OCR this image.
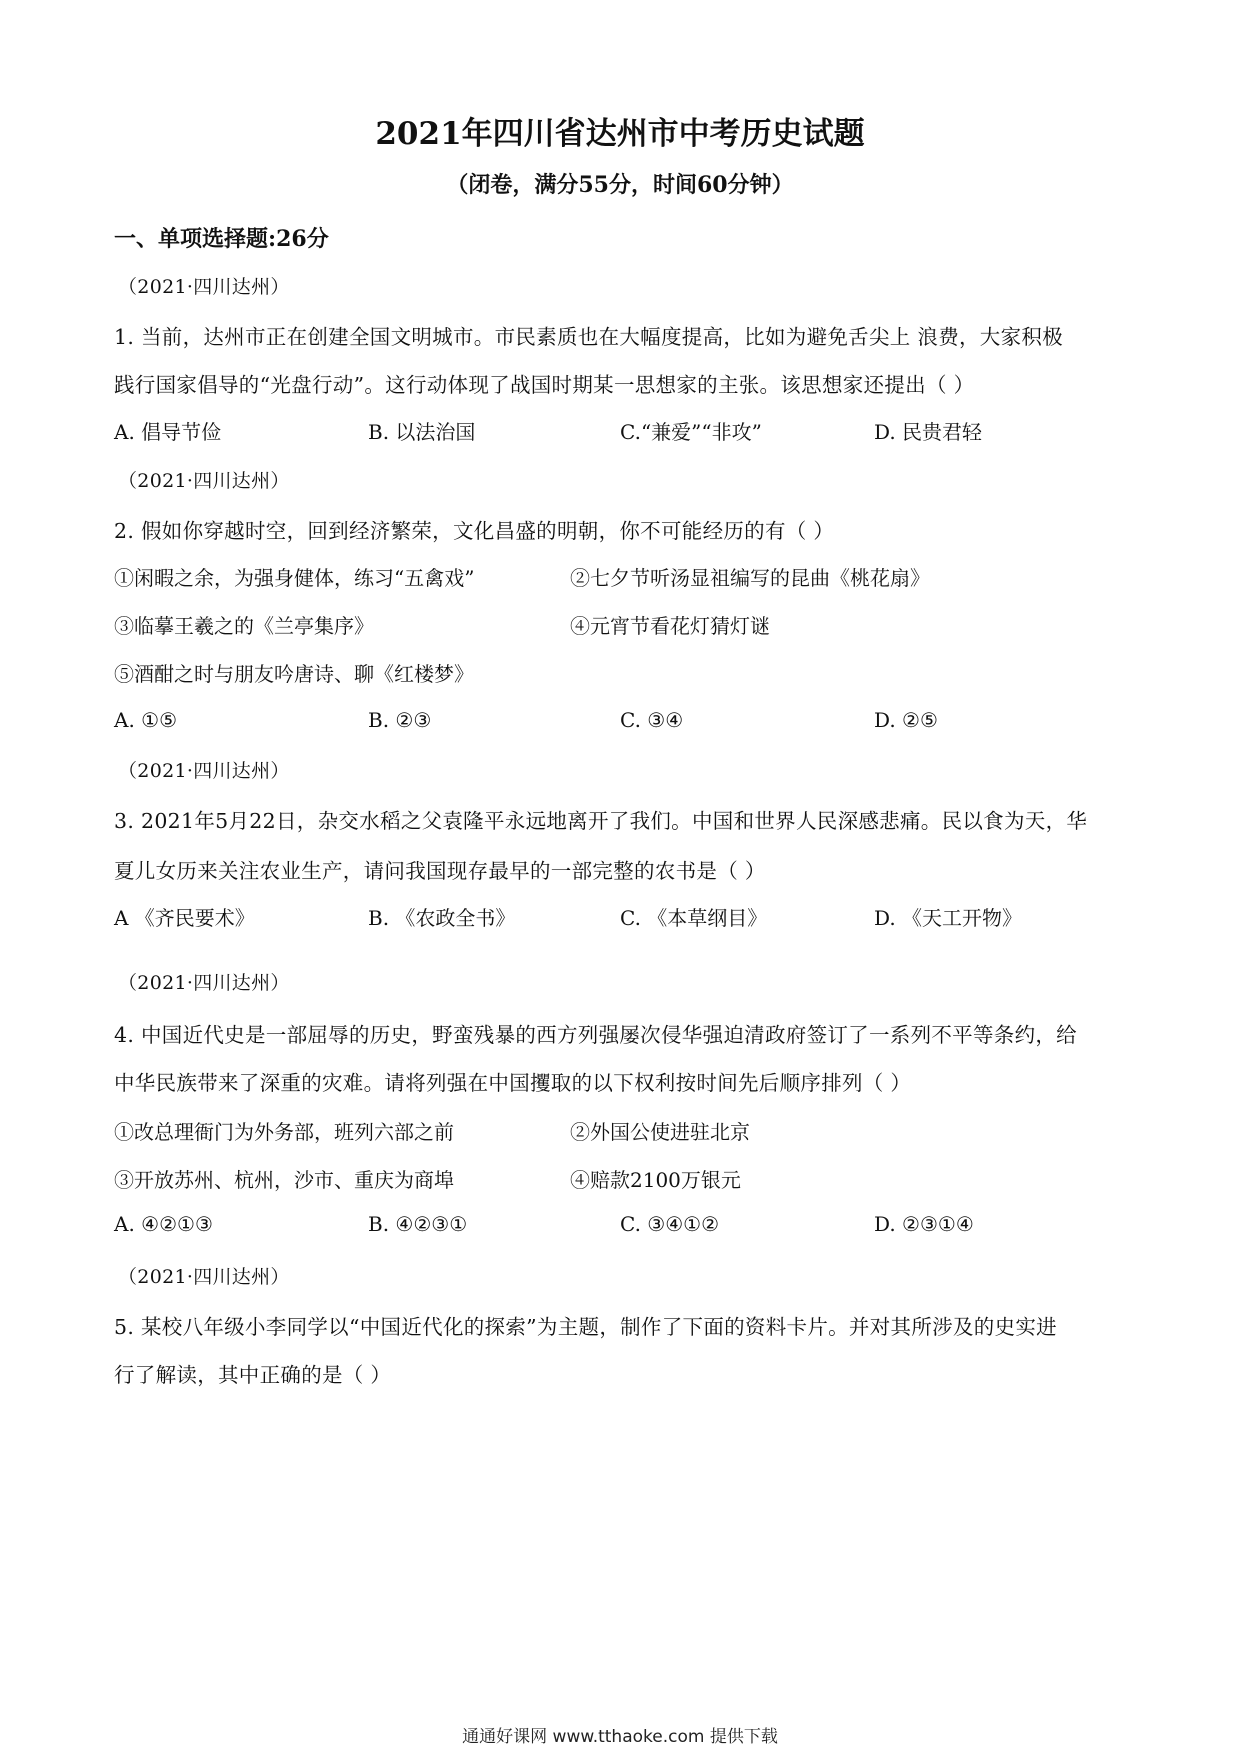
2021年四川省达州市中考历史试题
（闭卷，满分55分，时间60分钟）
一、单项选择题:26分
（2021·四川达州）
1. 当前，达州市正在创建全国文明城市。市民素质也在大幅度提高，比如为避免舌尖上 浪费，大家积极
践行国家倡导的“光盘行动”。这行动体现了战国时期某一思想家的主张。该思想家还提出（ ）
A. 倡导节俭	B. 以法治国	C.“兼爱”“非攻”	D. 民贵君轻
（2021·四川达州）
2. 假如你穿越时空，回到经济繁荣，文化昌盛的明朝，你不可能经历的有（ ）
①闲暇之余，为强身健体，练习“五禽戏”	②七夕节听汤显祖编写的昆曲《桃花扇》
③临摹王羲之的《兰亭集序》	④元宵节看花灯猜灯谜
⑤酒酣之时与朋友吟唐诗、聊《红楼梦》
A. ①⑤	B. ②③	C. ③④	D. ②⑤
（2021·四川达州）
3. 2021年5月22日，杂交水稻之父袁隆平永远地离开了我们。中国和世界人民深感悲痛。民以食为天，华
夏儿女历来关注农业生产，请问我国现存最早的一部完整的农书是（ ）
A 《齐民要术》	B. 《农政全书》	C. 《本草纲目》	D. 《天工开物》
（2021·四川达州）
4. 中国近代史是一部屈辱的历史，野蛮残暴的西方列强屡次侵华强迫清政府签订了一系列不平等条约，给
中华民族带来了深重的灾难。请将列强在中国攫取的以下权利按时间先后顺序排列（ ）
①改总理衙门为外务部，班列六部之前	②外国公使进驻北京
③开放苏州、杭州，沙市、重庆为商埠	④赔款2100万银元
A. ④②①③	B. ④②③①	C. ③④①②	D. ②③①④
（2021·四川达州）
5. 某校八年级小李同学以“中国近代化的探索”为主题，制作了下面的资料卡片。并对其所涉及的史实进
行了解读，其中正确的是（ ）
通通好课网 www.tthaoke.com 提供下载
